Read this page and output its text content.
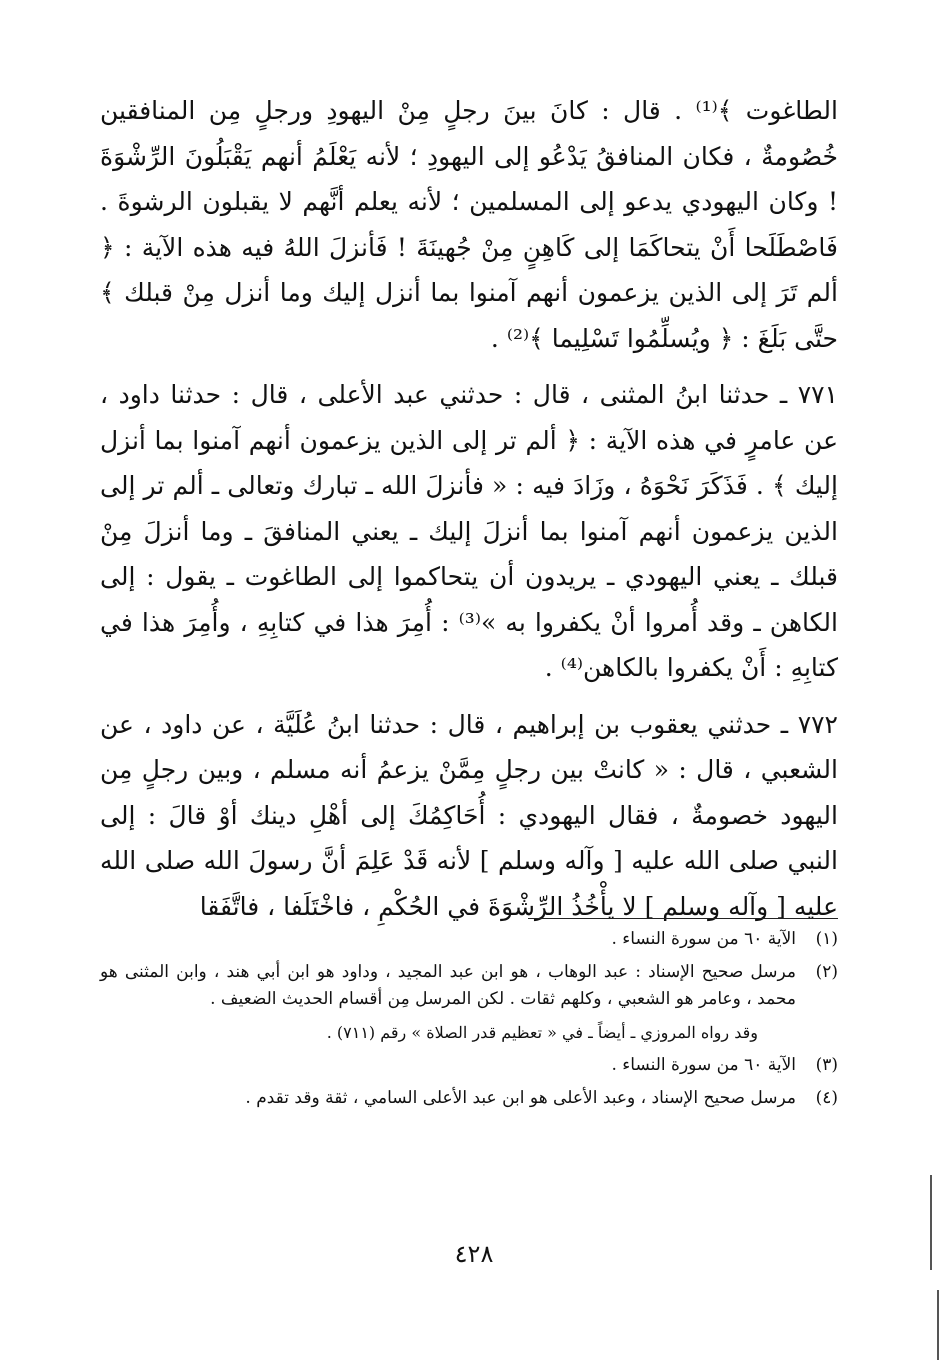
الطاغوت ﴾⁽¹⁾ . قال : كانَ بينَ رجلٍ مِنْ اليهودِ ورجلٍ مِن المنافقين خُصُومةٌ ، فكان المنافقُ يَدْعُو إلى اليهودِ ؛ لأنه يَعْلَمُ أنهم يَقْبَلُونَ الرِّشْوَةَ ! وكان اليهودي يدعو إلى المسلمين ؛ لأنه يعلم أنَّهم لا يقبلون الرشوةَ . فَاصْطَلَحا أَنْ يتحاكَمَا إلى كَاهِنٍ مِنْ جُهينَةَ ! فَأنزلَ اللهُ فيه هذه الآية : ﴿ ألم تَرَ إلى الذين يزعمون أنهم آمنوا بما أنزل إليك وما أنزل مِنْ قبلك ﴾ حتَّى بَلَغَ : ﴿ ويُسلِّمُوا تَسْلِيما ﴾⁽²⁾ .

٧٧١ ـ حدثنا ابنُ المثنى ، قال : حدثني عبد الأعلى ، قال : حدثنا داود ، عن عامرٍ في هذه الآية : ﴿ ألم تر إلى الذين يزعمون أنهم آمنوا بما أنزل إليك ﴾ . فَذَكَرَ نَحْوَهُ ، وزَادَ فيه : « فأنزلَ الله ـ تبارك وتعالى ـ ألم تر إلى الذين يزعمون أنهم آمنوا بما أنزلَ إليك ـ يعني المنافقَ ـ وما أنزلَ مِنْ قبلك ـ يعني اليهودي ـ يريدون أن يتحاكموا إلى الطاغوت ـ يقول : إلى الكاهن ـ وقد أُمروا أنْ يكفروا به »⁽³⁾ : أُمِرَ هذا في كتابِهِ ، وأُمِرَ هذا في كتابِهِ : أَنْ يكفروا بالكاهن⁽⁴⁾ .

٧٧٢ ـ حدثني يعقوب بن إبراهيم ، قال : حدثنا ابنُ عُلَيَّة ، عن داود ، عن الشعبي ، قال : « كانتْ بين رجلٍ مِمَّنْ يزعمُ أنه مسلم ، وبين رجلٍ مِن اليهود خصومةٌ ، فقال اليهودي : أُحَاكِمُكَ إلى أهْلِ دينك أوْ قالَ : إلى النبي صلى الله عليه [ وآله وسلم ] لأنه قَدْ عَلِمَ أنَّ رسولَ الله صلى الله عليه [ وآله وسلم ] لا يأْخُذُ الرِّشْوَةَ في الحُكْمِ ، فاخْتَلَفا ، فاتَّفَقا

(١)
الآية ٦٠ من سورة النساء .
(٢)
مرسل صحيح الإسناد : عبد الوهاب ، هو ابن عبد المجيد ، وداود هو ابن أبي هند ، وابن المثنى هو محمد ، وعامر هو الشعبي ، وكلهم ثقات . لكن المرسل مِن أقسام الحديث الضعيف .
وقد رواه المروزي ـ أيضاً ـ في « تعظيم قدر الصلاة » رقم (٧١١) .
(٣)
الآية ٦٠ من سورة النساء .
(٤)
مرسل صحيح الإسناد ، وعبد الأعلى هو ابن عبد الأعلى السامي ، ثقة وقد تقدم .
٤٢٨
